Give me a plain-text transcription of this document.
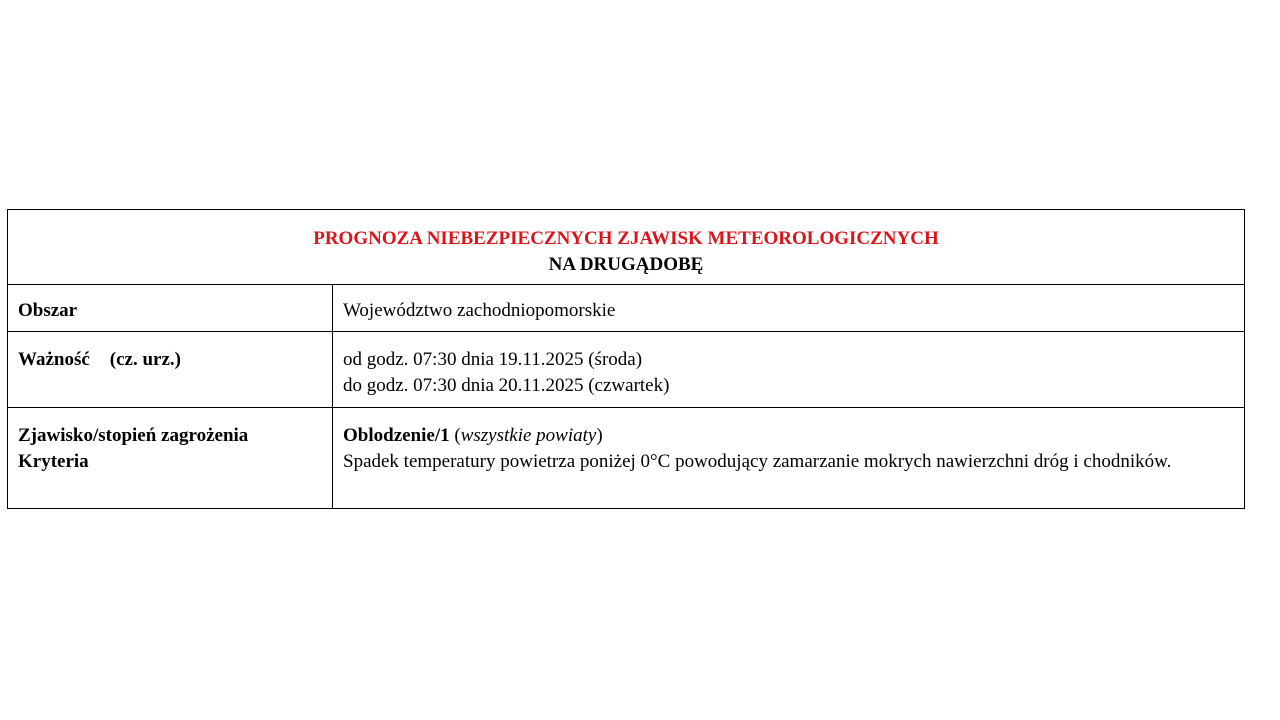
PROGNOZA NIEBEZPIECZNYCH ZJAWISK METEOROLOGICZNYCH
NA DRUGĄDOBĘ	

Obszar	Województwo zachodniopomorskie
Ważność (cz. urz.)	od godz. 07:30 dnia 19.11.2025 (środa)
do godz. 07:30 dnia 20.11.2025 (czwartek)

Zjawisko/stopień zagrożenia
Kryteria	Oblodzenie/1 (wszystkie powiaty)
Spadek temperatury powietrza poniżej 0°C powodujący zamarzanie mokrych nawierzchni dróg i chodników.
